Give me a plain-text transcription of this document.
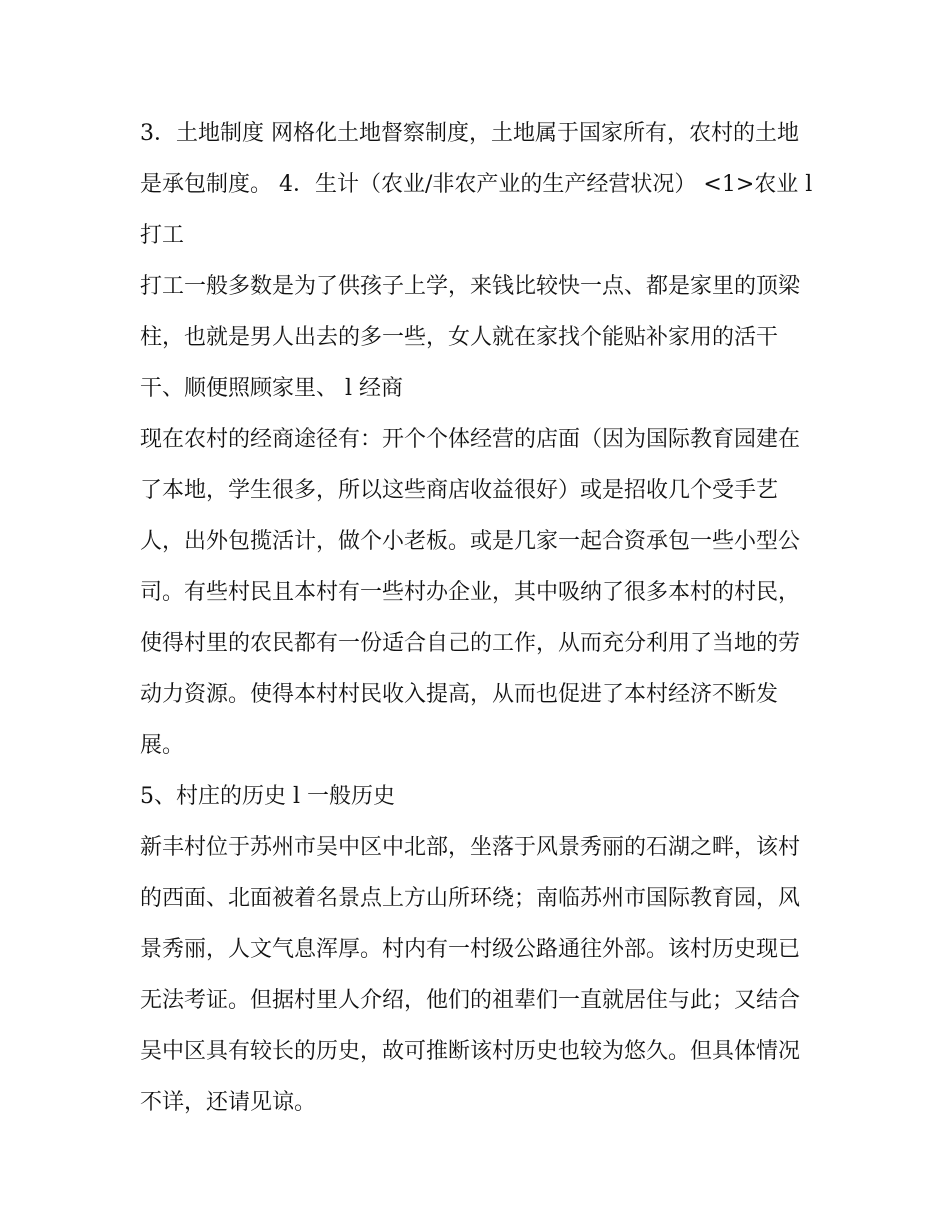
3．土地制度 网格化土地督察制度，土地属于国家所有，农村的土地是承包制度。 4．生计（农业/非农产业的生产经营状况） <1>农业 l 打工

打工一般多数是为了供孩子上学，来钱比较快一点、都是家里的顶梁柱，也就是男人出去的多一些，女人就在家找个能贴补家用的活干干、顺便照顾家里、 l 经商

现在农村的经商途径有：开个个体经营的店面（因为国际教育园建在了本地，学生很多，所以这些商店收益很好）或是招收几个受手艺人，出外包揽活计，做个小老板。或是几家一起合资承包一些小型公司。有些村民且本村有一些村办企业，其中吸纳了很多本村的村民，使得村里的农民都有一份适合自己的工作，从而充分利用了当地的劳动力资源。使得本村村民收入提高，从而也促进了本村经济不断发展。

5、村庄的历史 l 一般历史

新丰村位于苏州市吴中区中北部，坐落于风景秀丽的石湖之畔，该村的西面、北面被着名景点上方山所环绕；南临苏州市国际教育园，风景秀丽，人文气息浑厚。村内有一村级公路通往外部。该村历史现已无法考证。但据村里人介绍，他们的祖辈们一直就居住与此；又结合吴中区具有较长的历史，故可推断该村历史也较为悠久。但具体情况不详，还请见谅。
